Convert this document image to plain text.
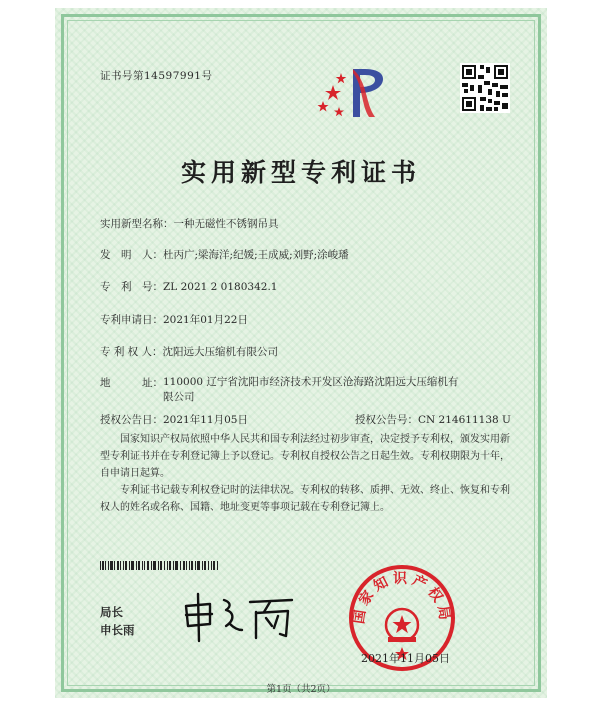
证书号第14597991号
实用新型专利证书
实用新型名称：一种无磁性不锈钢吊具
发　明　人：杜丙广;梁海洋;纪媛;王成威;刘野;涂峻璠
专　利　号：ZL 2021 2 0180342.1
专利申请日：2021年01月22日
专 利 权 人：沈阳远大压缩机有限公司
地　　　址：110000 辽宁省沈阳市经济技术开发区沧海路沈阳远大压缩机有限公司
授权公告日：2021年11月05日	授权公告号：CN 214611138 U

国家知识产权局依照中华人民共和国专利法经过初步审查，决定授予专利权，颁发实用新型专利证书并在专利登记簿上予以登记。专利权自授权公告之日起生效。专利权期限为十年，自申请日起算。

专利证书记载专利权登记时的法律状况。专利权的转移、质押、无效、终止、恢复和专利权人的姓名或名称、国籍、地址变更等事项记载在专利登记簿上。

局长
申长雨
国家知识产权局
2021年11月05日
第1页（共2页）
